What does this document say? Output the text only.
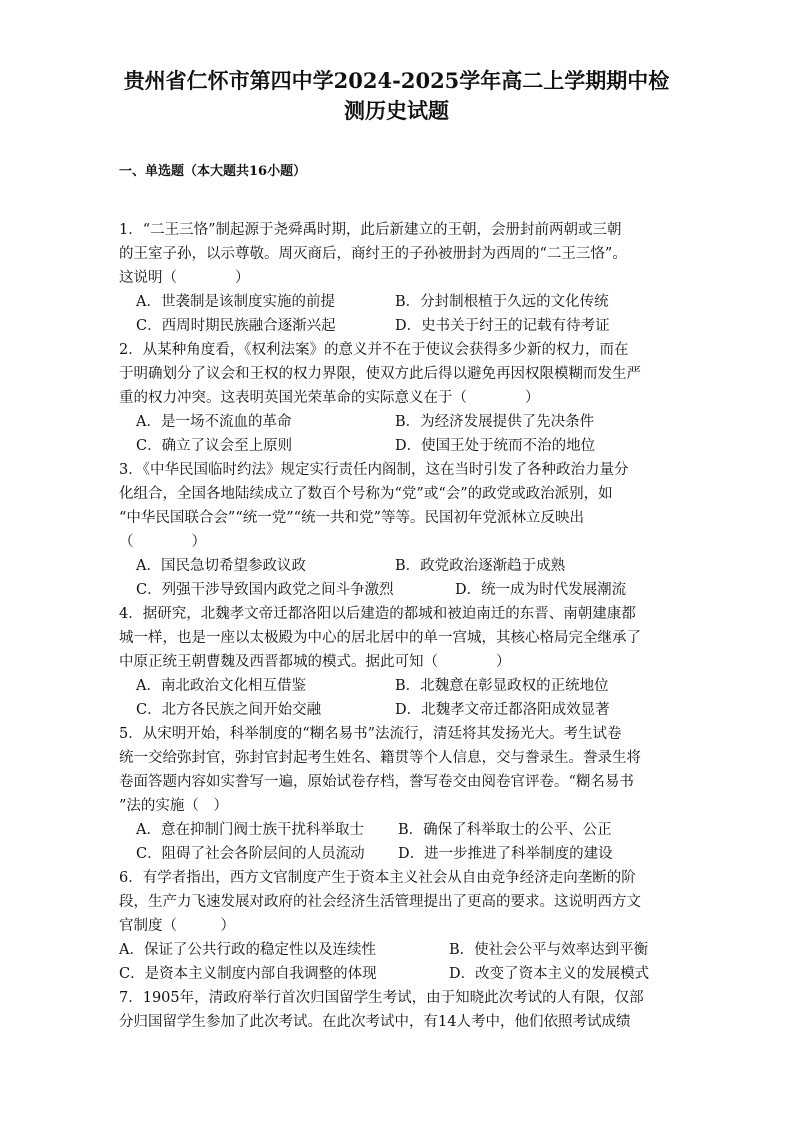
贵州省仁怀市第四中学2024-2025学年高二上学期期中检
测历史试题
一、单选题（本大题共16小题）
1．“二王三恪”制起源于尧舜禹时期，此后新建立的王朝，会册封前两朝或三朝
的王室子孙，以示尊敬。周灭商后，商纣王的子孙被册封为西周的“二王三恪”。
这说明（　　　　）
A．世袭制是该制度实施的前提	B．分封制根植于久远的文化传统
C．西周时期民族融合逐渐兴起	D．史书关于纣王的记载有待考证
2．从某种角度看，《权利法案》的意义并不在于使议会获得多少新的权力，而在
于明确划分了议会和王权的权力界限，使双方此后得以避免再因权限模糊而发生严
重的权力冲突。这表明英国光荣革命的实际意义在于（　　　　）
A．是一场不流血的革命	B．为经济发展提供了先决条件
C．确立了议会至上原则	D．使国王处于统而不治的地位
3．《中华民国临时约法》规定实行责任内阁制，这在当时引发了各种政治力量分
化组合，全国各地陆续成立了数百个号称为“党”或“会”的政党或政治派别，如
“中华民国联合会”“统一党”“统一共和党”等等。民国初年党派林立反映出
（　　　　）
A．国民急切希望参政议政	B．政党政治逐渐趋于成熟
C．列强干涉导致国内政党之间斗争激烈	D．统一成为时代发展潮流
4．据研究，北魏孝文帝迁都洛阳以后建造的都城和被迫南迁的东晋、南朝建康都
城一样，也是一座以太极殿为中心的居北居中的单一宫城，其核心格局完全继承了
中原正统王朝曹魏及西晋都城的模式。据此可知（　　　　）
A．南北政治文化相互借鉴	B．北魏意在彰显政权的正统地位
C．北方各民族之间开始交融	D．北魏孝文帝迁都洛阳成效显著
5．从宋明开始，科举制度的“糊名易书”法流行，清廷将其发扬光大。考生试卷
统一交给弥封官，弥封官封起考生姓名、籍贯等个人信息，交与誊录生。誊录生将
卷面答题内容如实誊写一遍，原始试卷存档，誊写卷交由阅卷官评卷。“糊名易书
”法的实施（　）
A．意在抑制门阀士族干扰科举取士 B．确保了科举取士的公平、公正
C．阻碍了社会各阶层间的人员流动 D．进一步推进了科举制度的建设
6．有学者指出，西方文官制度产生于资本主义社会从自由竞争经济走向垄断的阶
段，生产力飞速发展对政府的社会经济生活管理提出了更高的要求。这说明西方文
官制度（　　　）
A．保证了公共行政的稳定性以及连续性	B．使社会公平与效率达到平衡
C．是资本主义制度内部自我调整的体现	D．改变了资本主义的发展模式
7．1905年，清政府举行首次归国留学生考试，由于知晓此次考试的人有限，仅部
分归国留学生参加了此次考试。在此次考试中，有14人考中，他们依照考试成绩
